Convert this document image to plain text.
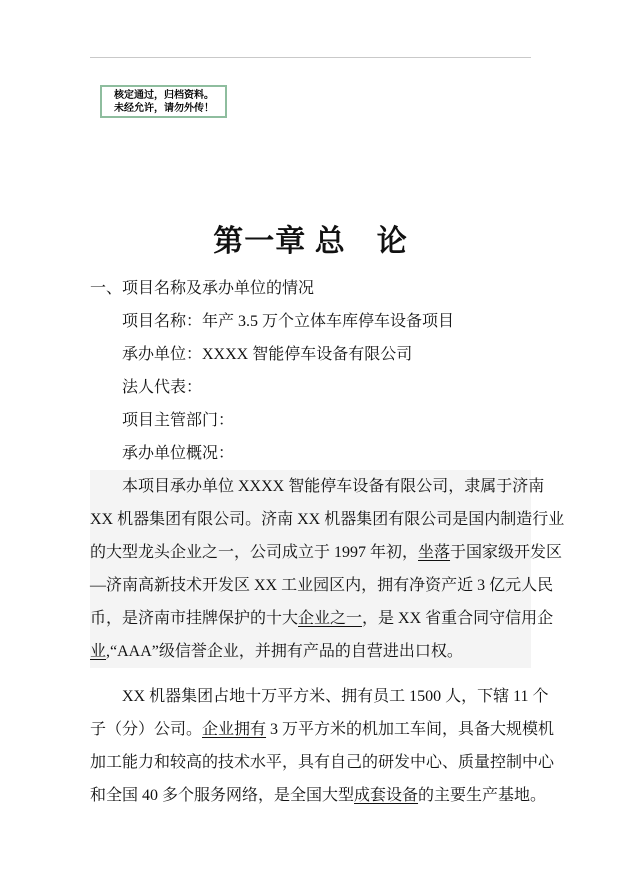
核定通过，归档资料。
未经允许，请勿外传！
第一章 总　论
一、项目名称及承办单位的情况
项目名称：年产 3.5 万个立体车库停车设备项目
承办单位：XXXX 智能停车设备有限公司
法人代表：
项目主管部门：
承办单位概况：
本项目承办单位 XXXX 智能停车设备有限公司，隶属于济南
XX 机器集团有限公司。济南 XX 机器集团有限公司是国内制造行业
的大型龙头企业之一，公司成立于 1997 年初，坐落于国家级开发区
—济南高新技术开发区 XX 工业园区内，拥有净资产近 3 亿元人民
币，是济南市挂牌保护的十大企业之一，是 XX 省重合同守信用企
业,“AAA”级信誉企业，并拥有产品的自营进出口权。
XX 机器集团占地十万平方米、拥有员工 1500 人，下辖 11 个
子（分）公司。企业拥有 3 万平方米的机加工车间，具备大规模机
加工能力和较高的技术水平，具有自己的研发中心、质量控制中心
和全国 40 多个服务网络，是全国大型成套设备的主要生产基地。
